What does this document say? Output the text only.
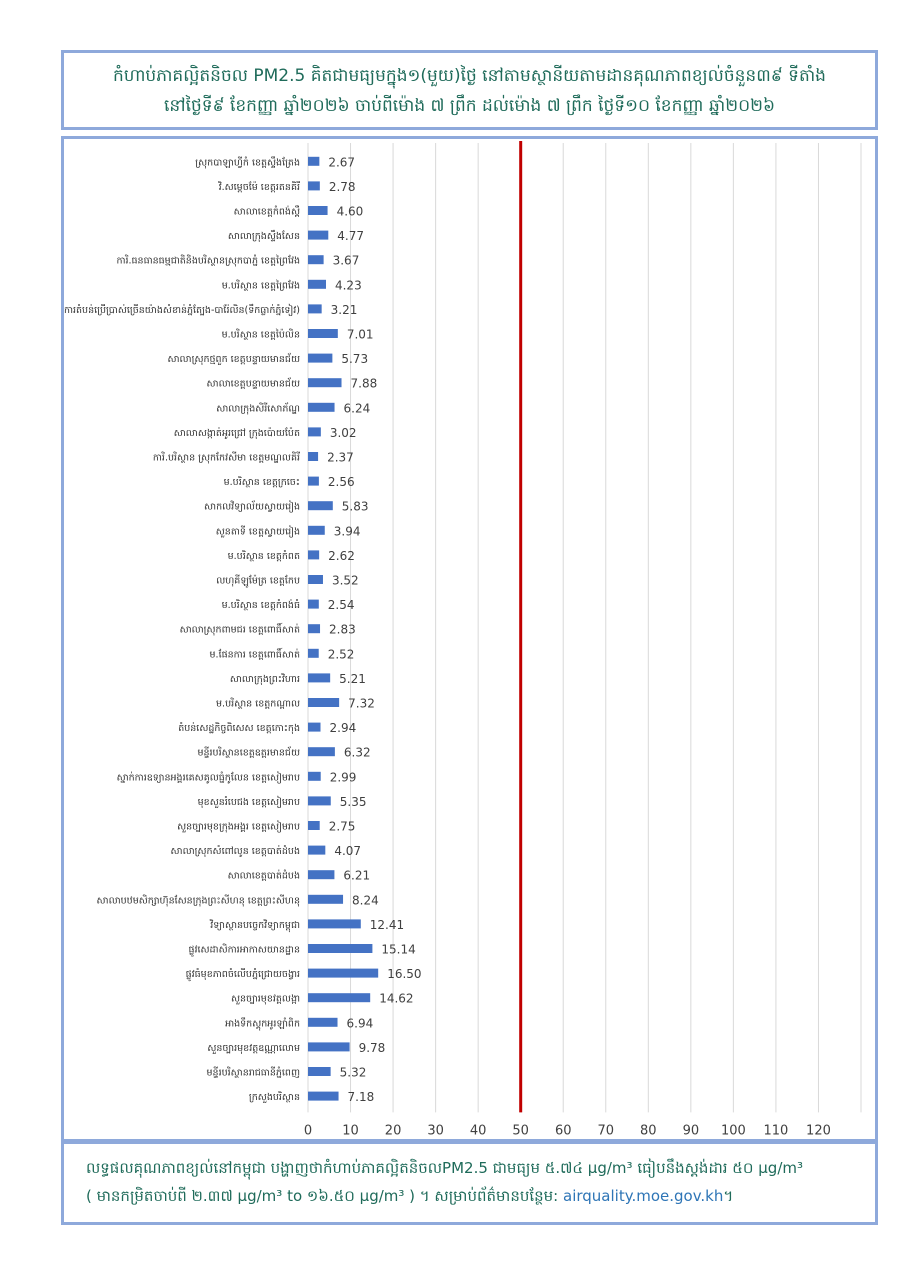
កំហាប់ភាគល្អិតនិចល PM2.5 គិតជាមធ្យមក្នុង១(មួយ)ថ្ងៃ នៅតាមស្ថានីយតាមដានគុណភាពខ្យល់ចំនួន៣៩ ទីតាំង
នៅថ្ងៃទី៩ ខែកញ្ញា ឆ្នាំ២០២៦ ចាប់ពីម៉ោង ៧ ព្រឹក ដល់ម៉ោង ៧ ព្រឹក ថ្ងៃទី១០ ខែកញ្ញា ឆ្នាំ២០២៦
0 10 20 30 40 50 60 70 80 90 100 110 120
ស្រុកបាឡាហ្វីកំ ខេត្តស្ទឹងត្រែង 2.67
វិ.សម្តេចម៉ែ ខេត្តរតនគិរី 2.78
សាលាខេត្តកំពង់ស្ពឺ	4.60
សាលាក្រុងស្ទឹងសែន	4.77
ការិ.ធនធានធម្មជាតិនិងបរិស្ថានស្រុកបាភ្នំ ខេត្តព្រៃវែង	3.67
ម.បរិស្ថាន ខេត្តព្រៃវែង	4.23
ស្នាក់ការតំបន់ប្រើប្រាស់ច្រើនយ៉ាងសំខាន់ភ្នំត្បែង-បារ៉ែលិន(ទឹកធ្លាក់ភ្នំទៀវ)	3.21
ម.បរិស្ថាន ខេត្តប៉ៃលិន	7.01
សាលាស្រុកថ្មពួក ខេត្តបន្ទាយមានជ័យ	5.73
សាលាខេត្តបន្ទាយមានជ័យ	7.88
សាលាក្រុងសិរីសោភ័ណ្ឌ	6.24
សាលាសង្កាត់អូរជ្រៅ ក្រុងប៉ោយប៉ែត 3.02
ការិ.បរិស្ថាន ស្រុកកែវសីមា ខេត្តមណ្ឌលគិរី 2.37
ម.បរិស្ថាន ខេត្តក្រចេះ 2.56
សាកលវិទ្យាល័យស្វាយរៀង	5.83
សួនតាទី ខេត្តស្វាយរៀង	3.94
ម.បរិស្ថាន ខេត្តកំពត 2.62
លហុគីឡូម៉ែត្រ ខេត្តកែប	3.52
ម.បរិស្ថាន ខេត្តកំពង់ធំ 2.54
សាលាស្រុកពាមជរ ខេត្តពោធិ៍សាត់ 2.83
ម.ផែនការ ខេត្តពោធិ៍សាត់ 2.52
សាលាក្រុងព្រះវិហារ	5.21
ម.បរិស្ថាន ខេត្តកណ្តាល	7.32
តំបន់សេដ្ឋកិច្ចពិសេស ខេត្តកោះកុង 2.94
មន្ទីរបរិស្ថានខេត្តឧត្តរមានជ័យ	6.32
ស្នាក់ការឧទ្យានអង្គរគេសគូលធ្នំកូលែន ខេត្តសៀមរាប 2.99
មុខសួនរំបេជង ខេត្តសៀមរាប	5.35
សួនច្បារមុខក្រុងអង្គរ ខេត្តសៀមរាប 2.75
សាលាស្រុកសំពៅលូន ខេត្តបាត់ដំបង	4.07
សាលាខេត្តបាត់ដំបង	6.21
សាលាបឋមសិក្សាហ៊ុនសែនក្រុងព្រះសីហនុ ខេត្តព្រះសីហនុ	8.24
វិទ្យាស្ថានបច្ចេកវិទ្យាកម្ពុជា	12.41
ផ្លូវសេដាសិការអាកាសយានដ្ឋាន	15.14
ផ្លូវធំមុខភាពចំលើបភ្នំជ្រោយចង្វារ	16.50
សួនច្បារមុខវត្តលង្កា	14.62
អាងទឹកស្តុកអូរឡាំពិក	6.94
សួនច្បារមុខវត្តឧណ្ណាលោម	9.78
មន្ទីរបរិស្ថានរាជធានីភ្នំពេញ	5.32
ក្រសួងបរិស្ថាន	7.18
លទ្ធផលគុណភាពខ្យល់នៅកម្ពុជា បង្ហាញថាកំហាប់ភាគល្អិតនិចលPM2.5 ជាមធ្យម ៥.៧៤ µg/m³ ធៀបនឹងស្តង់ដារ ៥០ µg/m³
( មានកម្រិតចាប់ពី ២.៣៧ µg/m³ to ១៦.៥០ µg/m³ ) ។ សម្រាប់ព័ត៌មានបន្ថែម: airquality.moe.gov.kh។
